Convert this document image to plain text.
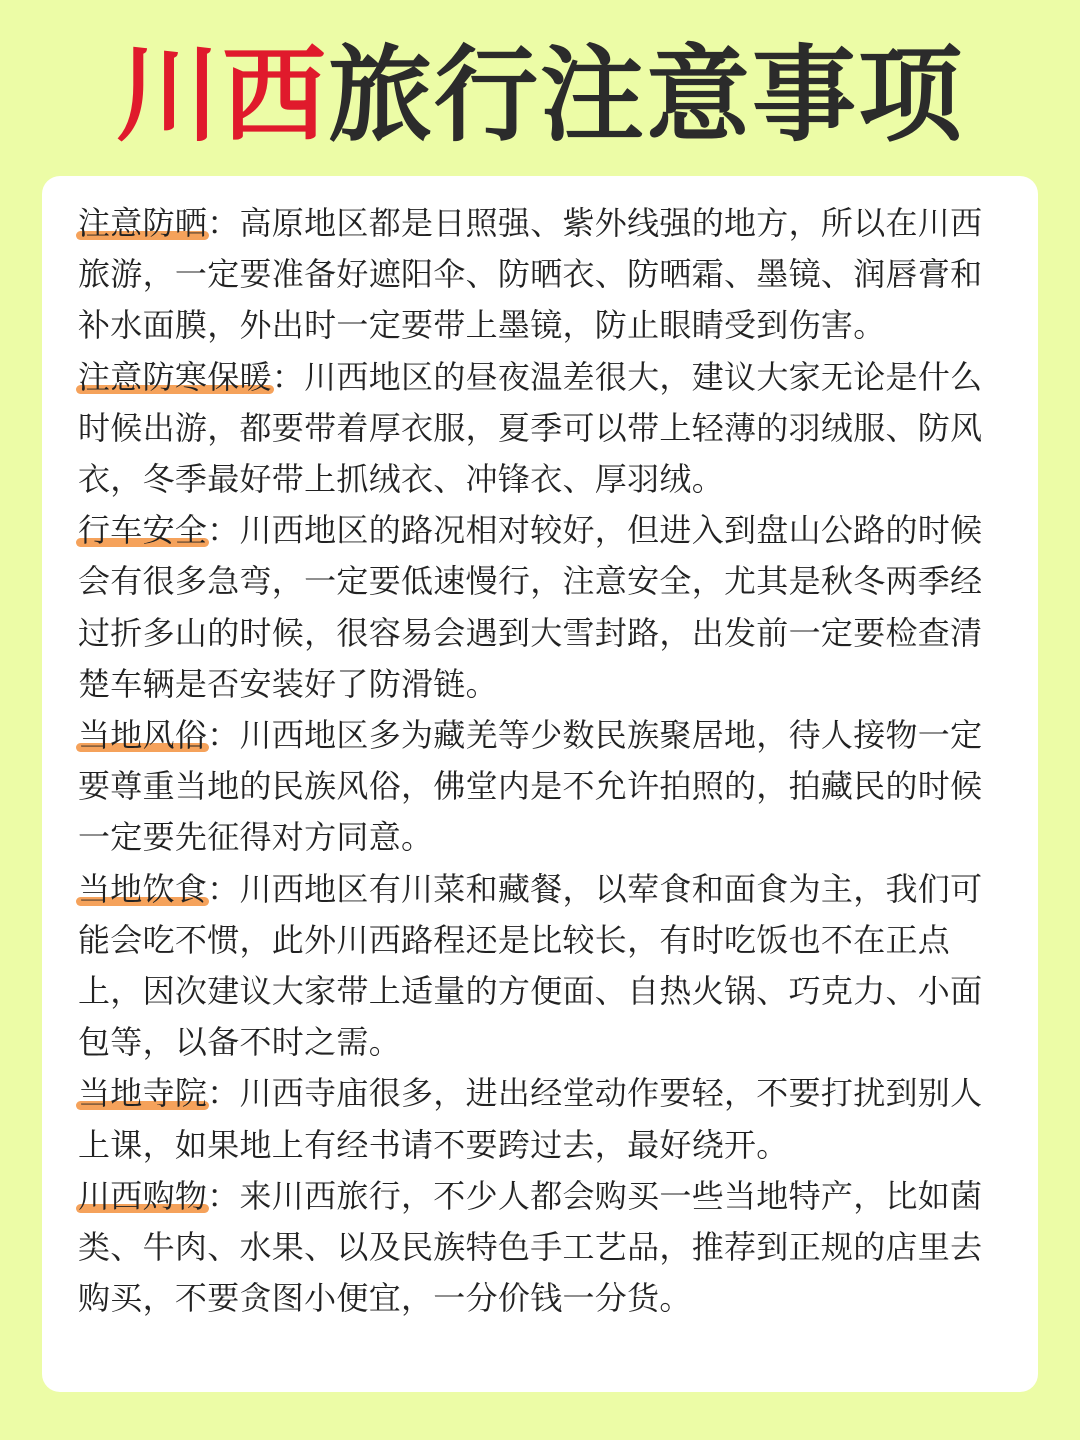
川西旅行注意事项

注意防晒：高原地区都是日照强、紫外线强的地方，所以在川西旅游，一定要准备好遮阳伞、防晒衣、防晒霜、墨镜、润唇膏和补水面膜，外出时一定要带上墨镜，防止眼睛受到伤害。

注意防寒保暖：川西地区的昼夜温差很大，建议大家无论是什么时候出游，都要带着厚衣服，夏季可以带上轻薄的羽绒服、防风衣，冬季最好带上抓绒衣、冲锋衣、厚羽绒。

行车安全：川西地区的路况相对较好，但进入到盘山公路的时候会有很多急弯，一定要低速慢行，注意安全，尤其是秋冬两季经过折多山的时候，很容易会遇到大雪封路，出发前一定要检查清楚车辆是否安装好了防滑链。

当地风俗：川西地区多为藏羌等少数民族聚居地，待人接物一定要尊重当地的民族风俗，佛堂内是不允许拍照的，拍藏民的时候一定要先征得对方同意。

当地饮食：川西地区有川菜和藏餐，以荤食和面食为主，我们可能会吃不惯，此外川西路程还是比较长，有时吃饭也不在正点上，因次建议大家带上适量的方便面、自热火锅、巧克力、小面包等，以备不时之需。

当地寺院：川西寺庙很多，进出经堂动作要轻，不要打扰到别人上课，如果地上有经书请不要跨过去，最好绕开。

川西购物：来川西旅行，不少人都会购买一些当地特产，比如菌类、牛肉、水果、以及民族特色手工艺品，推荐到正规的店里去购买，不要贪图小便宜，一分价钱一分货。
